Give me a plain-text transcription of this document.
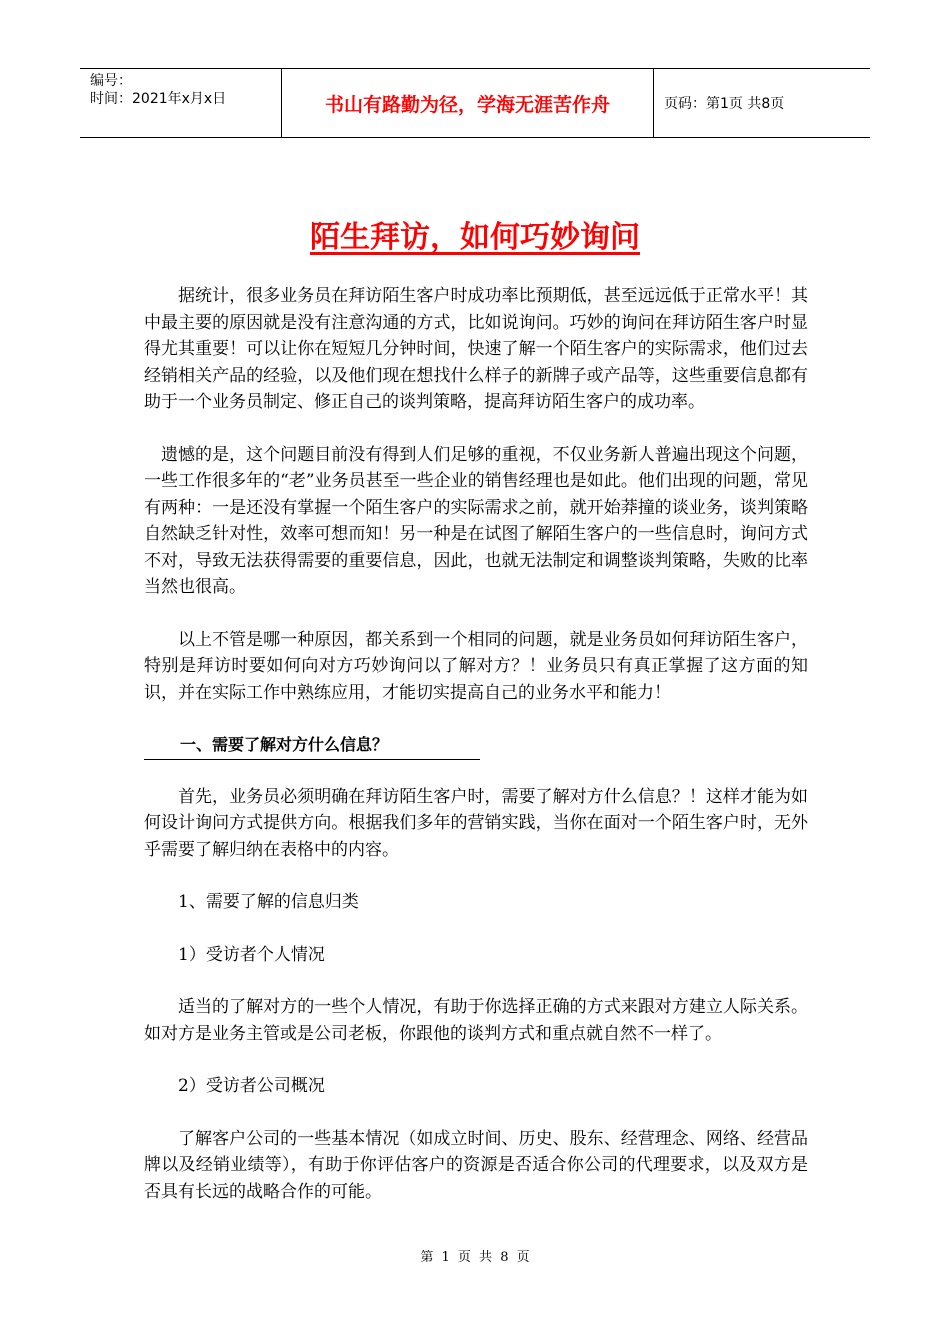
编号：
时间：2021年x月x日	书山有路勤为径，学海无涯苦作舟	页码：第1页 共8页
陌生拜访，如何巧妙询问

据统计，很多业务员在拜访陌生客户时成功率比预期低，甚至远远低于正常水平！其中最主要的原因就是没有注意沟通的方式，比如说询问。巧妙的询问在拜访陌生客户时显得尤其重要！可以让你在短短几分钟时间，快速了解一个陌生客户的实际需求，他们过去经销相关产品的经验，以及他们现在想找什么样子的新牌子或产品等，这些重要信息都有助于一个业务员制定、修正自己的谈判策略，提高拜访陌生客户的成功率。

遗憾的是，这个问题目前没有得到人们足够的重视，不仅业务新人普遍出现这个问题，一些工作很多年的“老”业务员甚至一些企业的销售经理也是如此。他们出现的问题，常见有两种：一是还没有掌握一个陌生客户的实际需求之前，就开始莽撞的谈业务，谈判策略自然缺乏针对性，效率可想而知！另一种是在试图了解陌生客户的一些信息时，询问方式不对，导致无法获得需要的重要信息，因此，也就无法制定和调整谈判策略，失败的比率当然也很高。

以上不管是哪一种原因，都关系到一个相同的问题，就是业务员如何拜访陌生客户，特别是拜访时要如何向对方巧妙询问以了解对方？！业务员只有真正掌握了这方面的知识，并在实际工作中熟练应用，才能切实提高自己的业务水平和能力！

一、需要了解对方什么信息？

首先，业务员必须明确在拜访陌生客户时，需要了解对方什么信息？！这样才能为如何设计询问方式提供方向。根据我们多年的营销实践，当你在面对一个陌生客户时，无外乎需要了解归纳在表格中的内容。

1、需要了解的信息归类

1）受访者个人情况

适当的了解对方的一些个人情况，有助于你选择正确的方式来跟对方建立人际关系。如对方是业务主管或是公司老板，你跟他的谈判方式和重点就自然不一样了。

2）受访者公司概况

了解客户公司的一些基本情况（如成立时间、历史、股东、经营理念、网络、经营品牌以及经销业绩等），有助于你评估客户的资源是否适合你公司的代理要求，以及双方是否具有长远的战略合作的可能。

第 1 页 共 8 页
